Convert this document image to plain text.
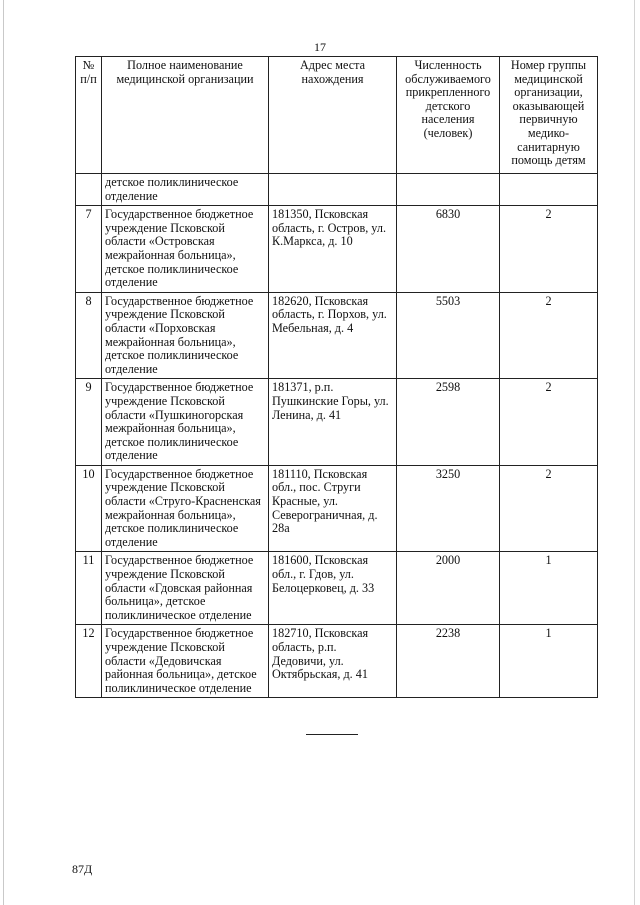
17
№ п/п	Полное наименование медицинской организации	Адрес места нахождения	Численность обслуживаемого прикрепленного детского населения (человек)	Номер группы медицинской организации, оказывающей первичную медико-санитарную помощь детям
	детское поликлиническое отделение			
7	Государственное бюджетное учреждение Псковской области «Островская межрайонная больница», детское поликлиническое отделение	181350, Псковская область, г. Остров, ул. К.Маркса, д. 10	6830	2
8	Государственное бюджетное учреждение Псковской области «Порховская межрайонная больница», детское поликлиническое отделение	182620, Псковская область, г. Порхов, ул. Мебельная, д. 4	5503	2
9	Государственное бюджетное учреждение Псковской области «Пушкиногорская межрайонная больница», детское поликлиническое отделение	181371, р.п. Пушкинские Горы, ул. Ленина, д. 41	2598	2
10	Государственное бюджетное учреждение Псковской области «Струго-Красненская межрайонная больница», детское поликлиническое отделение	181110, Псковская обл., пос. Струги Красные, ул. Северограничная, д. 28а	3250	2
11	Государственное бюджетное учреждение Псковской области «Гдовская районная больница», детское поликлиническое отделение	181600, Псковская обл., г. Гдов, ул. Белоцерковец, д. 33	2000	1
12	Государственное бюджетное учреждение Псковской области «Дедовичская районная больница», детское поликлиническое отделение	182710, Псковская область, р.п. Дедовичи, ул. Октябрьская, д. 41	2238	1
87Д
